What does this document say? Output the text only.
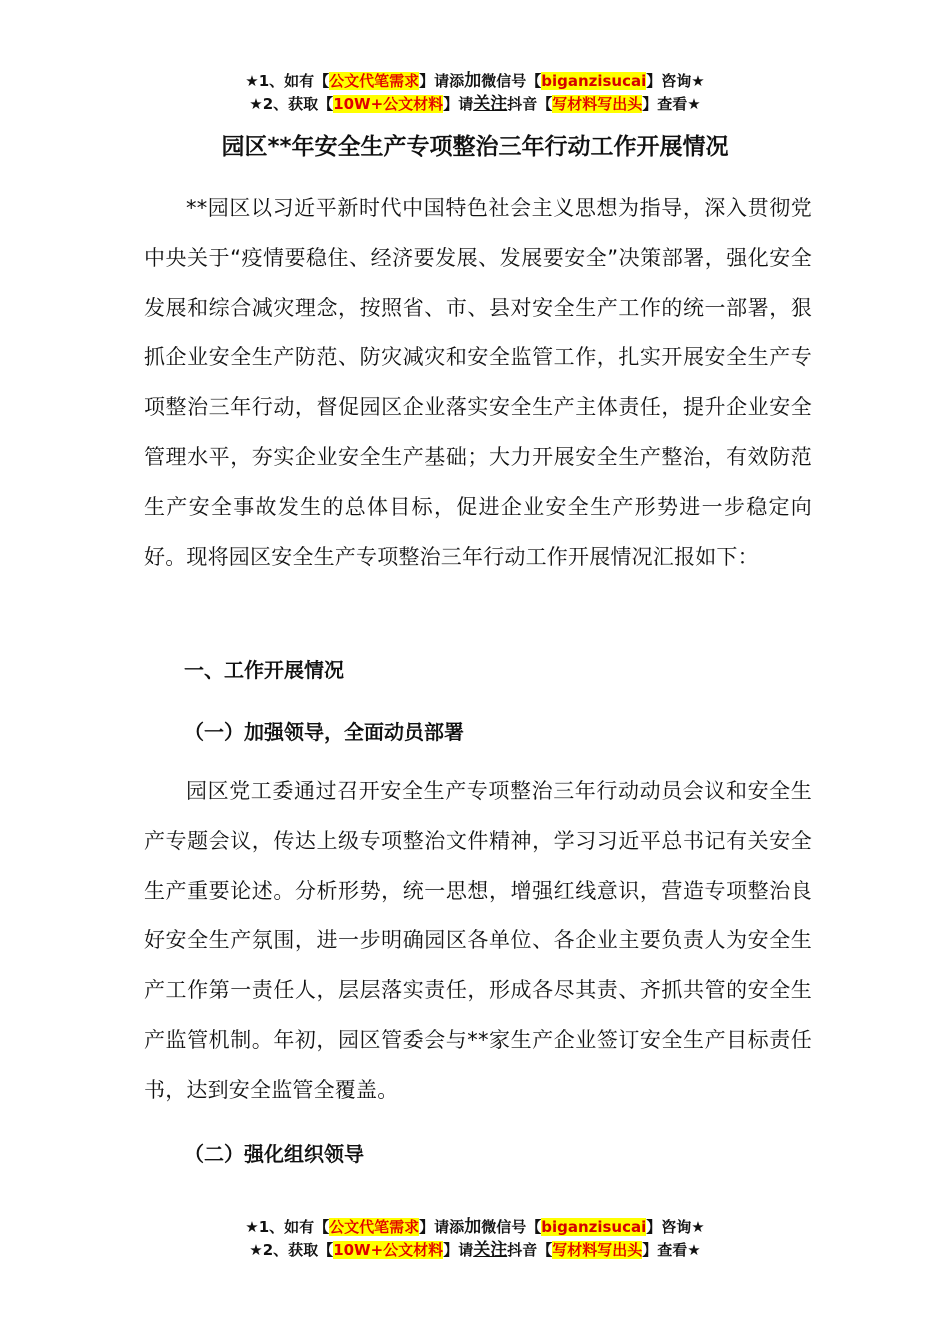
★1、如有【公文代笔需求】请添加微信号【biganzisucai】咨询★
★2、获取【10W+公文材料】请关注抖音【写材料写出头】查看★
园区**年安全生产专项整治三年行动工作开展情况

**园区以习近平新时代中国特色社会主义思想为指导，深入贯彻党中央关于“疫情要稳住、经济要发展、发展要安全”决策部署，强化安全发展和综合减灾理念，按照省、市、县对安全生产工作的统一部署，狠抓企业安全生产防范、防灾减灾和安全监管工作，扎实开展安全生产专项整治三年行动，督促园区企业落实安全生产主体责任，提升企业安全管理水平，夯实企业安全生产基础；大力开展安全生产整治，有效防范生产安全事故发生的总体目标，促进企业安全生产形势进一步稳定向好。现将园区安全生产专项整治三年行动工作开展情况汇报如下：

一、工作开展情况

（一）加强领导，全面动员部署

园区党工委通过召开安全生产专项整治三年行动动员会议和安全生产专题会议，传达上级专项整治文件精神，学习习近平总书记有关安全生产重要论述。分析形势，统一思想，增强红线意识，营造专项整治良好安全生产氛围，进一步明确园区各单位、各企业主要负责人为安全生产工作第一责任人，层层落实责任，形成各尽其责、齐抓共管的安全生产监管机制。年初，园区管委会与**家生产企业签订安全生产目标责任书，达到安全监管全覆盖。

（二）强化组织领导

★1、如有【公文代笔需求】请添加微信号【biganzisucai】咨询★
★2、获取【10W+公文材料】请关注抖音【写材料写出头】查看★
